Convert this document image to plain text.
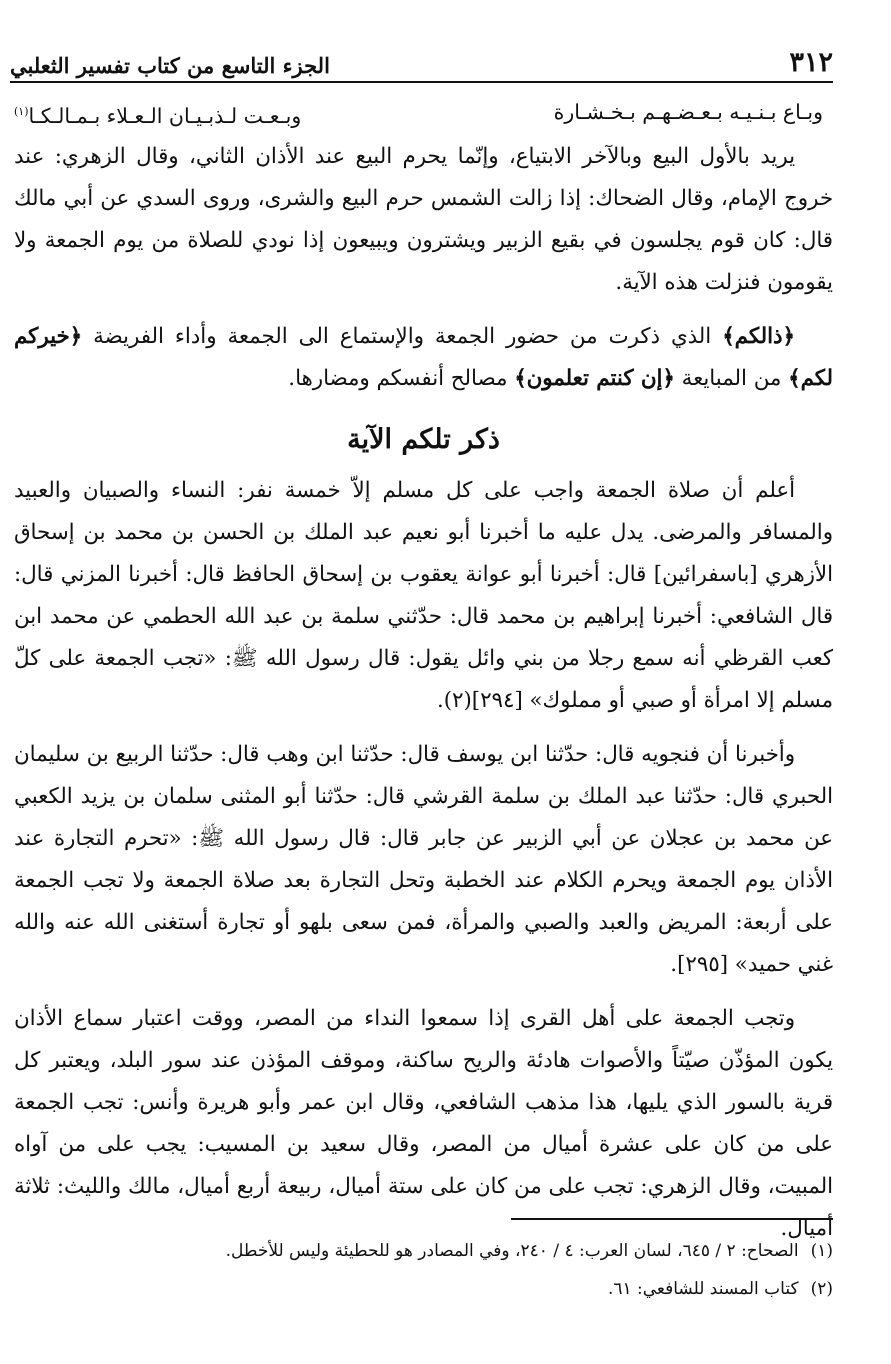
٣١٢
الجزء التاسع من كتاب تفسير الثعلبي
وبـاع بـنـيـه بـعـضـهـم بـخـشـارة
وبـعـت لـذبـيـان الـعـلاء بـمـالـكـا$^{(١)}$

يريد بالأول البيع وبالآخر الابتياع، وإنّما يحرم البيع عند الأذان الثاني، وقال الزهري: عند خروج الإمام، وقال الضحاك: إذا زالت الشمس حرم البيع والشرى، وروى السدي عن أبي مالك قال: كان قوم يجلسون في بقيع الزبير ويشترون ويبيعون إذا نودي للصلاة من يوم الجمعة ولا يقومون فنزلت هذه الآية.

﴿ذالكم﴾ الذي ذكرت من حضور الجمعة والإستماع الى الجمعة وأداء الفريضة ﴿خيركم لكم﴾ من المبايعة ﴿إن كنتم تعلمون﴾ مصالح أنفسكم ومضارها.

ذكر تلكم الآية

أعلم أن صلاة الجمعة واجب على كل مسلم إلاّ خمسة نفر: النساء والصبيان والعبيد والمسافر والمرضى. يدل عليه ما أخبرنا أبو نعيم عبد الملك بن الحسن بن محمد بن إسحاق الأزهري [باسفرائين] قال: أخبرنا أبو عوانة يعقوب بن إسحاق الحافظ قال: أخبرنا المزني قال: قال الشافعي: أخبرنا إبراهيم بن محمد قال: حدّثني سلمة بن عبد الله الحطمي عن محمد ابن كعب القرظي أنه سمع رجلا من بني وائل يقول: قال رسول الله ﷺ: «تجب الجمعة على كلّ مسلم إلا امرأة أو صبي أو مملوك» [٢٩٤](٢).

وأخبرنا أن فنجويه قال: حدّثنا ابن يوسف قال: حدّثنا ابن وهب قال: حدّثنا الربيع بن سليمان الحبري قال: حدّثنا عبد الملك بن سلمة القرشي قال: حدّثنا أبو المثنى سلمان بن يزيد الكعبي عن محمد بن عجلان عن أبي الزبير عن جابر قال: قال رسول الله ﷺ: «تحرم التجارة عند الأذان يوم الجمعة ويحرم الكلام عند الخطبة وتحل التجارة بعد صلاة الجمعة ولا تجب الجمعة على أربعة: المريض والعبد والصبي والمرأة، فمن سعى بلهو أو تجارة أستغنى الله عنه والله غني حميد» [٢٩٥].

وتجب الجمعة على أهل القرى إذا سمعوا النداء من المصر، ووقت اعتبار سماع الأذان يكون المؤذّن صيّتاً والأصوات هادئة والريح ساكنة، وموقف المؤذن عند سور البلد، ويعتبر كل قرية بالسور الذي يليها، هذا مذهب الشافعي، وقال ابن عمر وأبو هريرة وأنس: تجب الجمعة على من كان على عشرة أميال من المصر، وقال سعيد بن المسيب: يجب على من آواه المبيت، وقال الزهري: تجب على من كان على ستة أميال، ربيعة أربع أميال، مالك والليث: ثلاثة أميال.

(١)
الصحاح: ٢ / ٦٤٥، لسان العرب: ٤ / ٢٤٠، وفي المصادر هو للحطيئة وليس للأخطل.
(٢)
كتاب المسند للشافعي: ٦١.
